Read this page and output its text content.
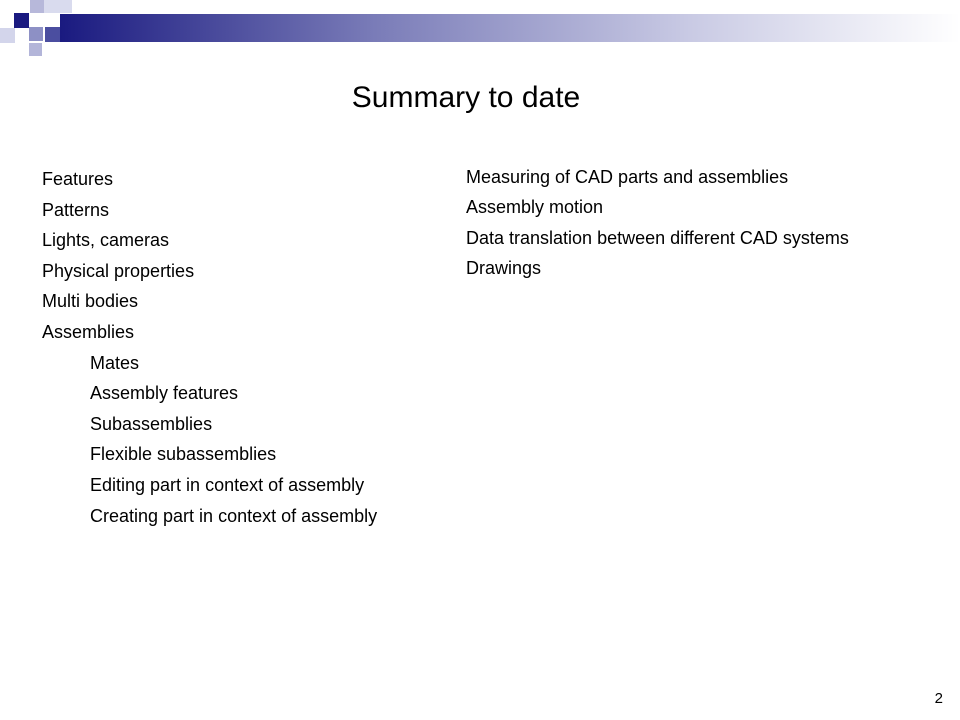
Summary to date
Features
Patterns
Lights, cameras
Physical properties
Multi bodies
Assemblies
Mates
Assembly features
Subassemblies
Flexible subassemblies
Editing part in context of assembly
Creating part in context of assembly
Measuring of CAD parts and assemblies
Assembly motion
Data translation between different CAD systems
Drawings
2
